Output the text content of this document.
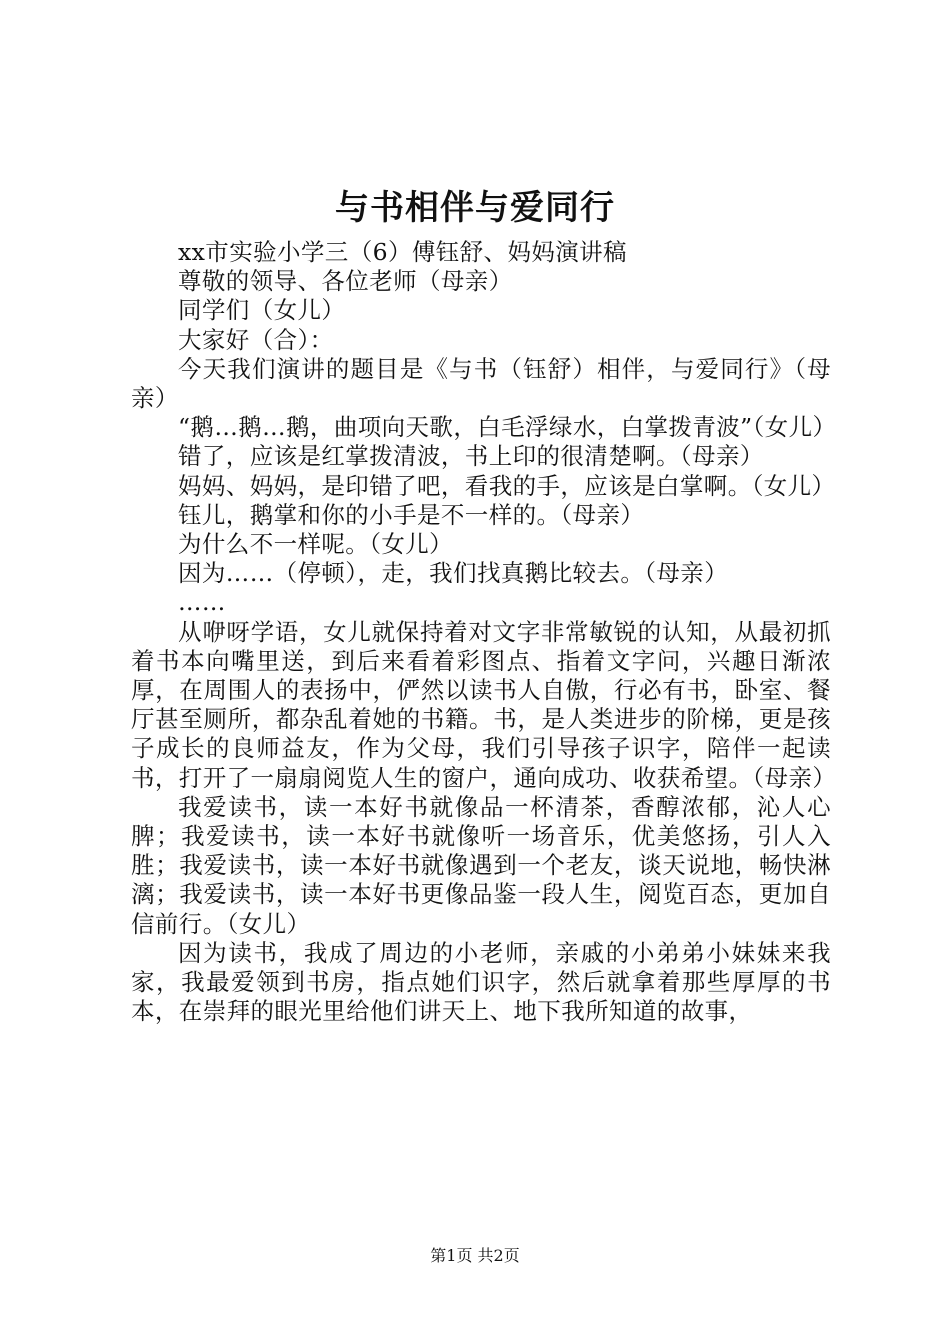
与书相伴与爱同行

xx市实验小学三（6）傅钰舒、妈妈演讲稿

尊敬的领导、各位老师（母亲）

同学们（女儿）

大家好（合）：

今天我们演讲的题目是《与书（钰舒）相伴，与爱同行》（母亲）

“鹅…鹅…鹅，曲项向天歌，白毛浮绿水，白掌拨青波”（女儿）

错了，应该是红掌拨清波，书上印的很清楚啊。（母亲）

妈妈、妈妈，是印错了吧，看我的手，应该是白掌啊。（女儿）

钰儿，鹅掌和你的小手是不一样的。（母亲）

为什么不一样呢。（女儿）

因为……（停顿），走，我们找真鹅比较去。（母亲）

……

从咿呀学语，女儿就保持着对文字非常敏锐的认知，从最初抓着书本向嘴里送，到后来看着彩图点、指着文字问，兴趣日渐浓厚，在周围人的表扬中，俨然以读书人自傲，行必有书，卧室、餐厅甚至厕所，都杂乱着她的书籍。书，是人类进步的阶梯，更是孩子成长的良师益友，作为父母，我们引导孩子识字，陪伴一起读书，打开了一扇扇阅览人生的窗户，通向成功、收获希望。（母亲）

我爱读书，读一本好书就像品一杯清茶，香醇浓郁，沁人心脾；我爱读书，读一本好书就像听一场音乐，优美悠扬，引人入胜；我爱读书，读一本好书就像遇到一个老友，谈天说地，畅快淋漓；我爱读书，读一本好书更像品鉴一段人生，阅览百态，更加自信前行。（女儿）

因为读书，我成了周边的小老师，亲戚的小弟弟小妹妹来我家，我最爱领到书房，指点她们识字，然后就拿着那些厚厚的书本，在崇拜的眼光里给他们讲天上、地下我所知道的故事，

第1页 共2页
